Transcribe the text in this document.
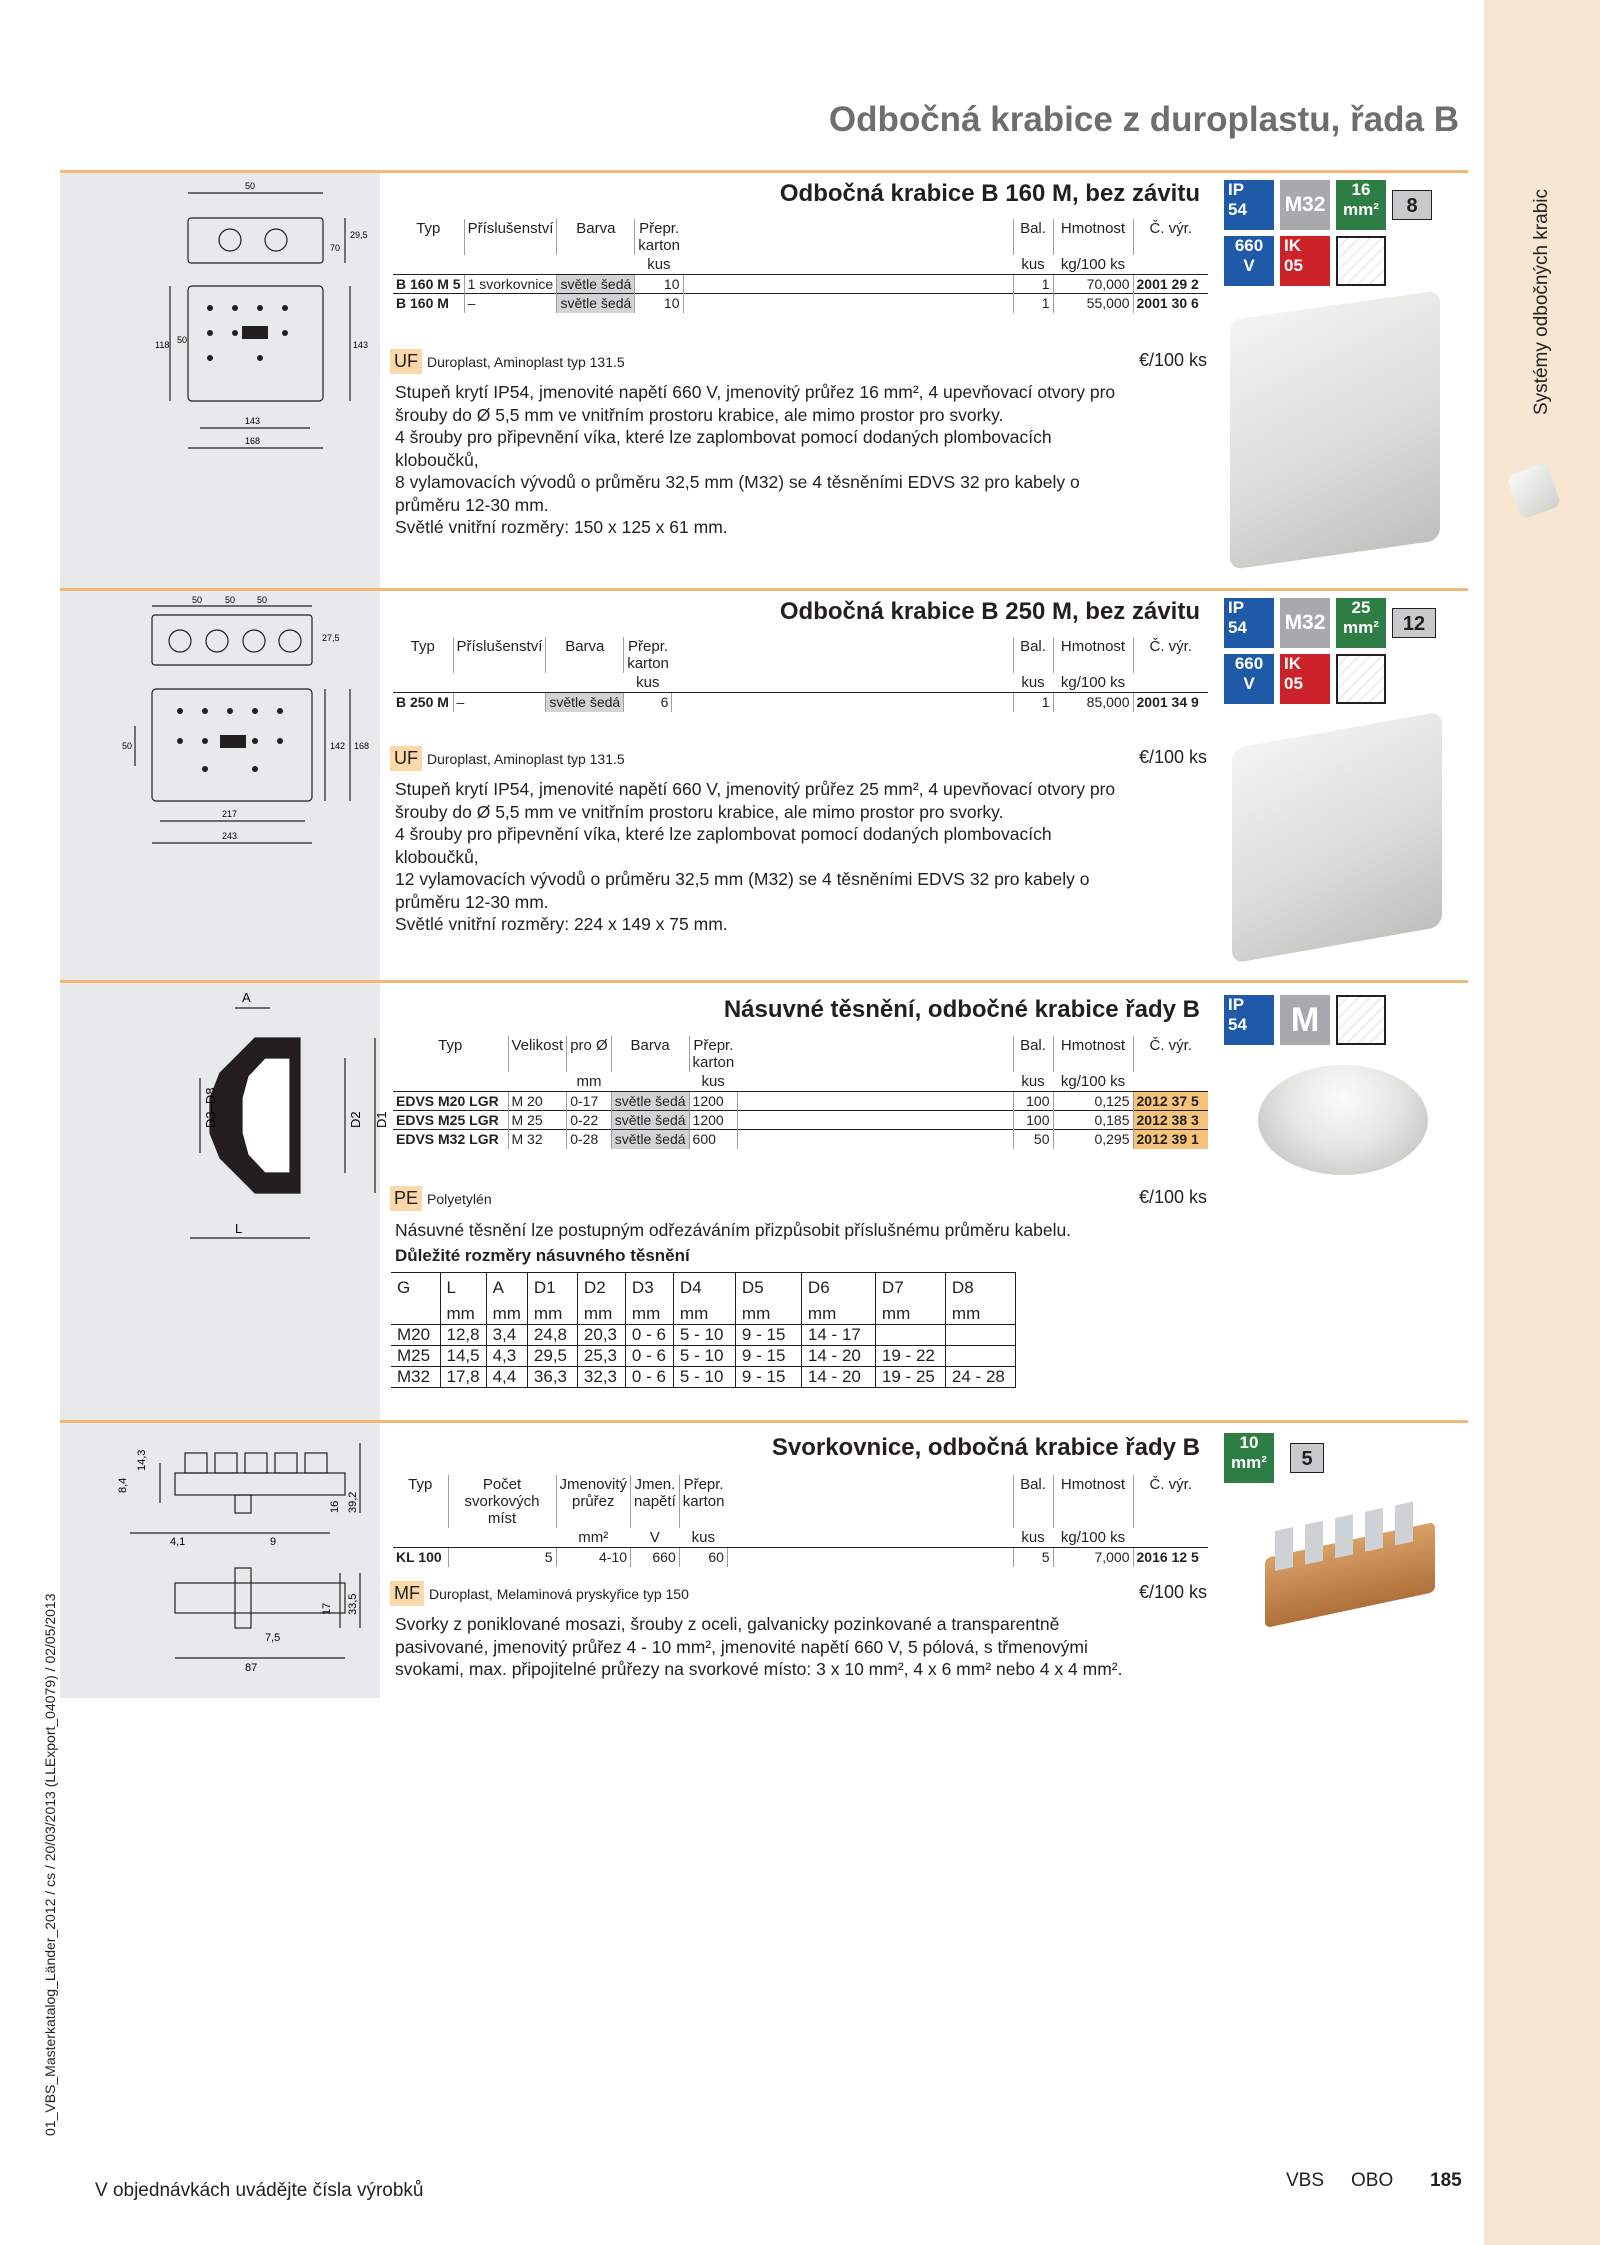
Systémy odbočných krabic
01_VBS_Masterkatalog_Länder_2012 / cs / 20/03/2013 (LLExport_04079) / 02/05/2013
Odbočná krabice z duroplastu, řada B
50
29,5
70
118 50
143
168
143
Odbočná krabice B 160 M, bez závitu
Typ	Příslušenství	Barva	Přepr. karton		Bal.	Hmotnost	Č. výr.
			kus		kus	kg/100 ks	
B 160 M 5	1 svorkovnice	světle šedá	10		1	70,000	2001 29 2
B 160 M	–	světle šedá	10		1	55,000	2001 30 6
UF Duroplast, Aminoplast typ 131.5	€/100 ks
Stupeň krytí IP54, jmenovité napětí 660 V, jmenovitý průřez 16 mm², 4 upevňovací otvory pro
šrouby do Ø 5,5 mm ve vnitřním prostoru krabice, ale mimo prostor pro svorky.
4 šrouby pro připevnění víka, které lze zaplombovat pomocí dodaných plombovacích
kloboučků,
8 vylamovacích vývodů o průměru 32,5 mm (M32) se 4 těsněními EDVS 32 pro kabely o
průměru 12-30 mm.
Světlé vnitřní rozměry: 150 x 125 x 61 mm.
IP
54	M32
16
mm²	8
660
V
IK
05
50	50 50
27,5
50	142 168
217
243
Odbočná krabice B 250 M, bez závitu
Typ	Příslušenství	Barva	Přepr. karton		Bal.	Hmotnost	Č. výr.
			kus		kus	kg/100 ks	
B 250 M	–	světle šedá	6		1	85,000	2001 34 9
UF Duroplast, Aminoplast typ 131.5	€/100 ks
Stupeň krytí IP54, jmenovité napětí 660 V, jmenovitý průřez 25 mm², 4 upevňovací otvory pro
šrouby do Ø 5,5 mm ve vnitřním prostoru krabice, ale mimo prostor pro svorky.
4 šrouby pro připevnění víka, které lze zaplombovat pomocí dodaných plombovacích
kloboučků,
12 vylamovacích vývodů o průměru 32,5 mm (M32) se 4 těsněními EDVS 32 pro kabely o
průměru 12-30 mm.
Světlé vnitřní rozměry: 224 x 149 x 75 mm.
IP
54	M32
25
mm²	12
660
V
IK
05
A
D3–D8	D2 D1
L
Násuvné těsnění, odbočné krabice řady B
Typ	Velikost	pro Ø	Barva	Přepr. karton		Bal.	Hmotnost	Č. výr.
		mm		kus		kus	kg/100 ks	
EDVS M20 LGR	M 20	0-17	světle šedá	1200		100	0,125	2012 37 5
EDVS M25 LGR	M 25	0-22	světle šedá	1200		100	0,185	2012 38 3
EDVS M32 LGR	M 32	0-28	světle šedá	600		50	0,295	2012 39 1
PE Polyetylén	€/100 ks
Násuvné těsnění lze postupným odřezáváním přizpůsobit příslušnému průměru kabelu.
Důležité rozměry násuvného těsnění
G	L	A	D1	D2	D3	D4	D5	D6	D7	D8
	mm	mm	mm	mm	mm	mm	mm	mm	mm	mm
M20	12,8	3,4	24,8	20,3	0 - 6	5 - 10	9 - 15	14 - 17		
M25	14,5	4,3	29,5	25,3	0 - 6	5 - 10	9 - 15	14 - 20	19 - 22	
M32	17,8	4,4	36,3	32,3	0 - 6	5 - 10	9 - 15	14 - 20	19 - 25	24 - 28
IP
54	M
14,3
8,4
4,1	9
16 39,2
7,5
17 33,5
87
Svorkovnice, odbočná krabice řady B
Typ	Počet svorkových míst	Jmenovitý průřez	Jmen. napětí	Přepr. karton		Bal.	Hmotnost	Č. výr.
		mm²	V	kus		kus	kg/100 ks	
KL 100	5	4-10	660	60		5	7,000	2016 12 5
MF Duroplast, Melaminová pryskyřice typ 150	€/100 ks
Svorky z poniklované mosazi, šrouby z oceli, galvanicky pozinkované a transparentně
pasivované, jmenovitý průřez 4 - 10 mm², jmenovité napětí 660 V, 5 pólová, s třmenovými
svokami, max. připojitelné průřezy na svorkové místo: 3 x 10 mm², 4 x 6 mm² nebo 4 x 4 mm².
10
mm²	5
V objednávkách uvádějte čísla výrobků	VBS OBO 185
